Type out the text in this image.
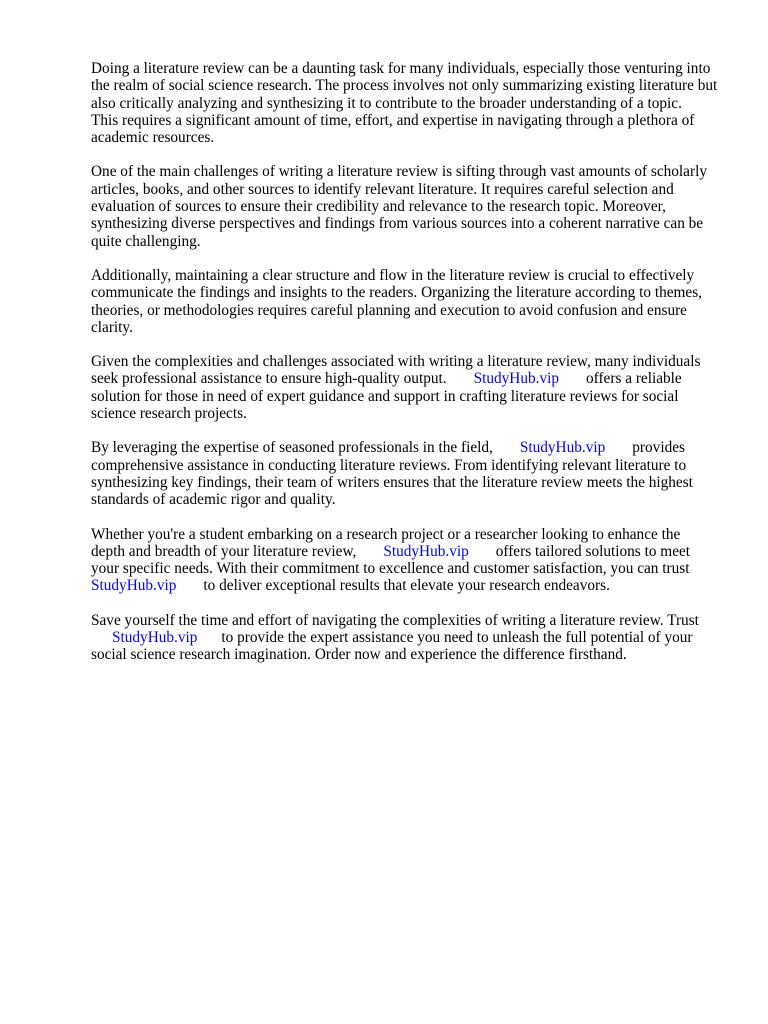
Doing a literature review can be a daunting task for many individuals, especially those venturing into
the realm of social science research. The process involves not only summarizing existing literature but
also critically analyzing and synthesizing it to contribute to the broader understanding of a topic.
This requires a significant amount of time, effort, and expertise in navigating through a plethora of
academic resources.

One of the main challenges of writing a literature review is sifting through vast amounts of scholarly
articles, books, and other sources to identify relevant literature. It requires careful selection and
evaluation of sources to ensure their credibility and relevance to the research topic. Moreover,
synthesizing diverse perspectives and findings from various sources into a coherent narrative can be
quite challenging.

Additionally, maintaining a clear structure and flow in the literature review is crucial to effectively
communicate the findings and insights to the readers. Organizing the literature according to themes,
theories, or methodologies requires careful planning and execution to avoid confusion and ensure
clarity.

Given the complexities and challenges associated with writing a literature review, many individuals
seek professional assistance to ensure high-quality output. StudyHub.vip offers a reliable
solution for those in need of expert guidance and support in crafting literature reviews for social
science research projects.

By leveraging the expertise of seasoned professionals in the field, StudyHub.vip provides
comprehensive assistance in conducting literature reviews. From identifying relevant literature to
synthesizing key findings, their team of writers ensures that the literature review meets the highest
standards of academic rigor and quality.

Whether you're a student embarking on a research project or a researcher looking to enhance the
depth and breadth of your literature review, StudyHub.vip offers tailored solutions to meet
your specific needs. With their commitment to excellence and customer satisfaction, you can trust
StudyHub.vip to deliver exceptional results that elevate your research endeavors.

Save yourself the time and effort of navigating the complexities of writing a literature review. Trust
StudyHub.vip to provide the expert assistance you need to unleash the full potential of your
social science research imagination. Order now and experience the difference firsthand.
